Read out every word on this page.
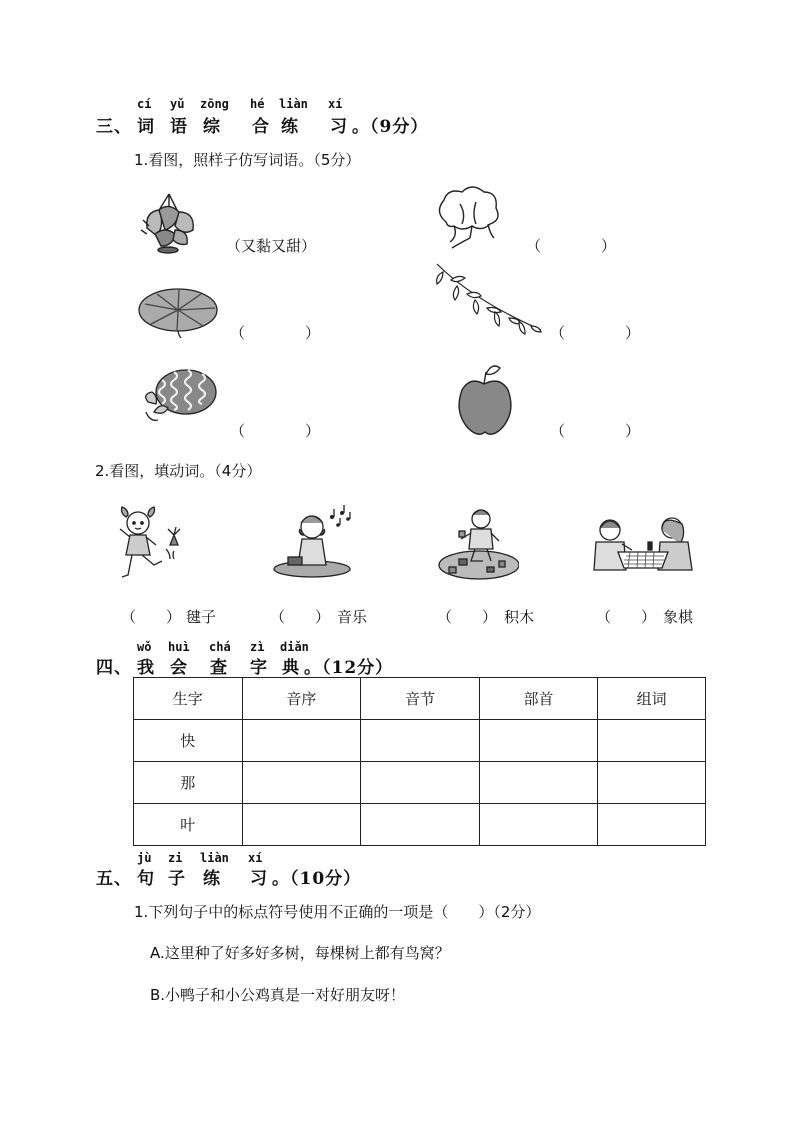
cí yǔ zōng hé liàn xí
三、 词 语 综 合 练 习 。（9分）
1.看图，照样子仿写词语。（5分）
（又黏又甜）	（　　　　）
（　　　　）	（　　　　）
（　　　　）	（　　　　）
2.看图，填动词。（4分）
（　　） 毽子	（　　） 音乐	（　　） 积木	（　　） 象棋
wǒ huì chá zì diǎn
四、 我 会 查 字 典 。（12分）
生字	音序	音节	部首	组词
快				
那				
叶				
jù zi liàn xí
五、 句 子 练 习 。（10分）
1.下列句子中的标点符号使用不正确的一项是（　　）（2分）
A.这里种了好多好多树，每棵树上都有鸟窝？
B.小鸭子和小公鸡真是一对好朋友呀！
